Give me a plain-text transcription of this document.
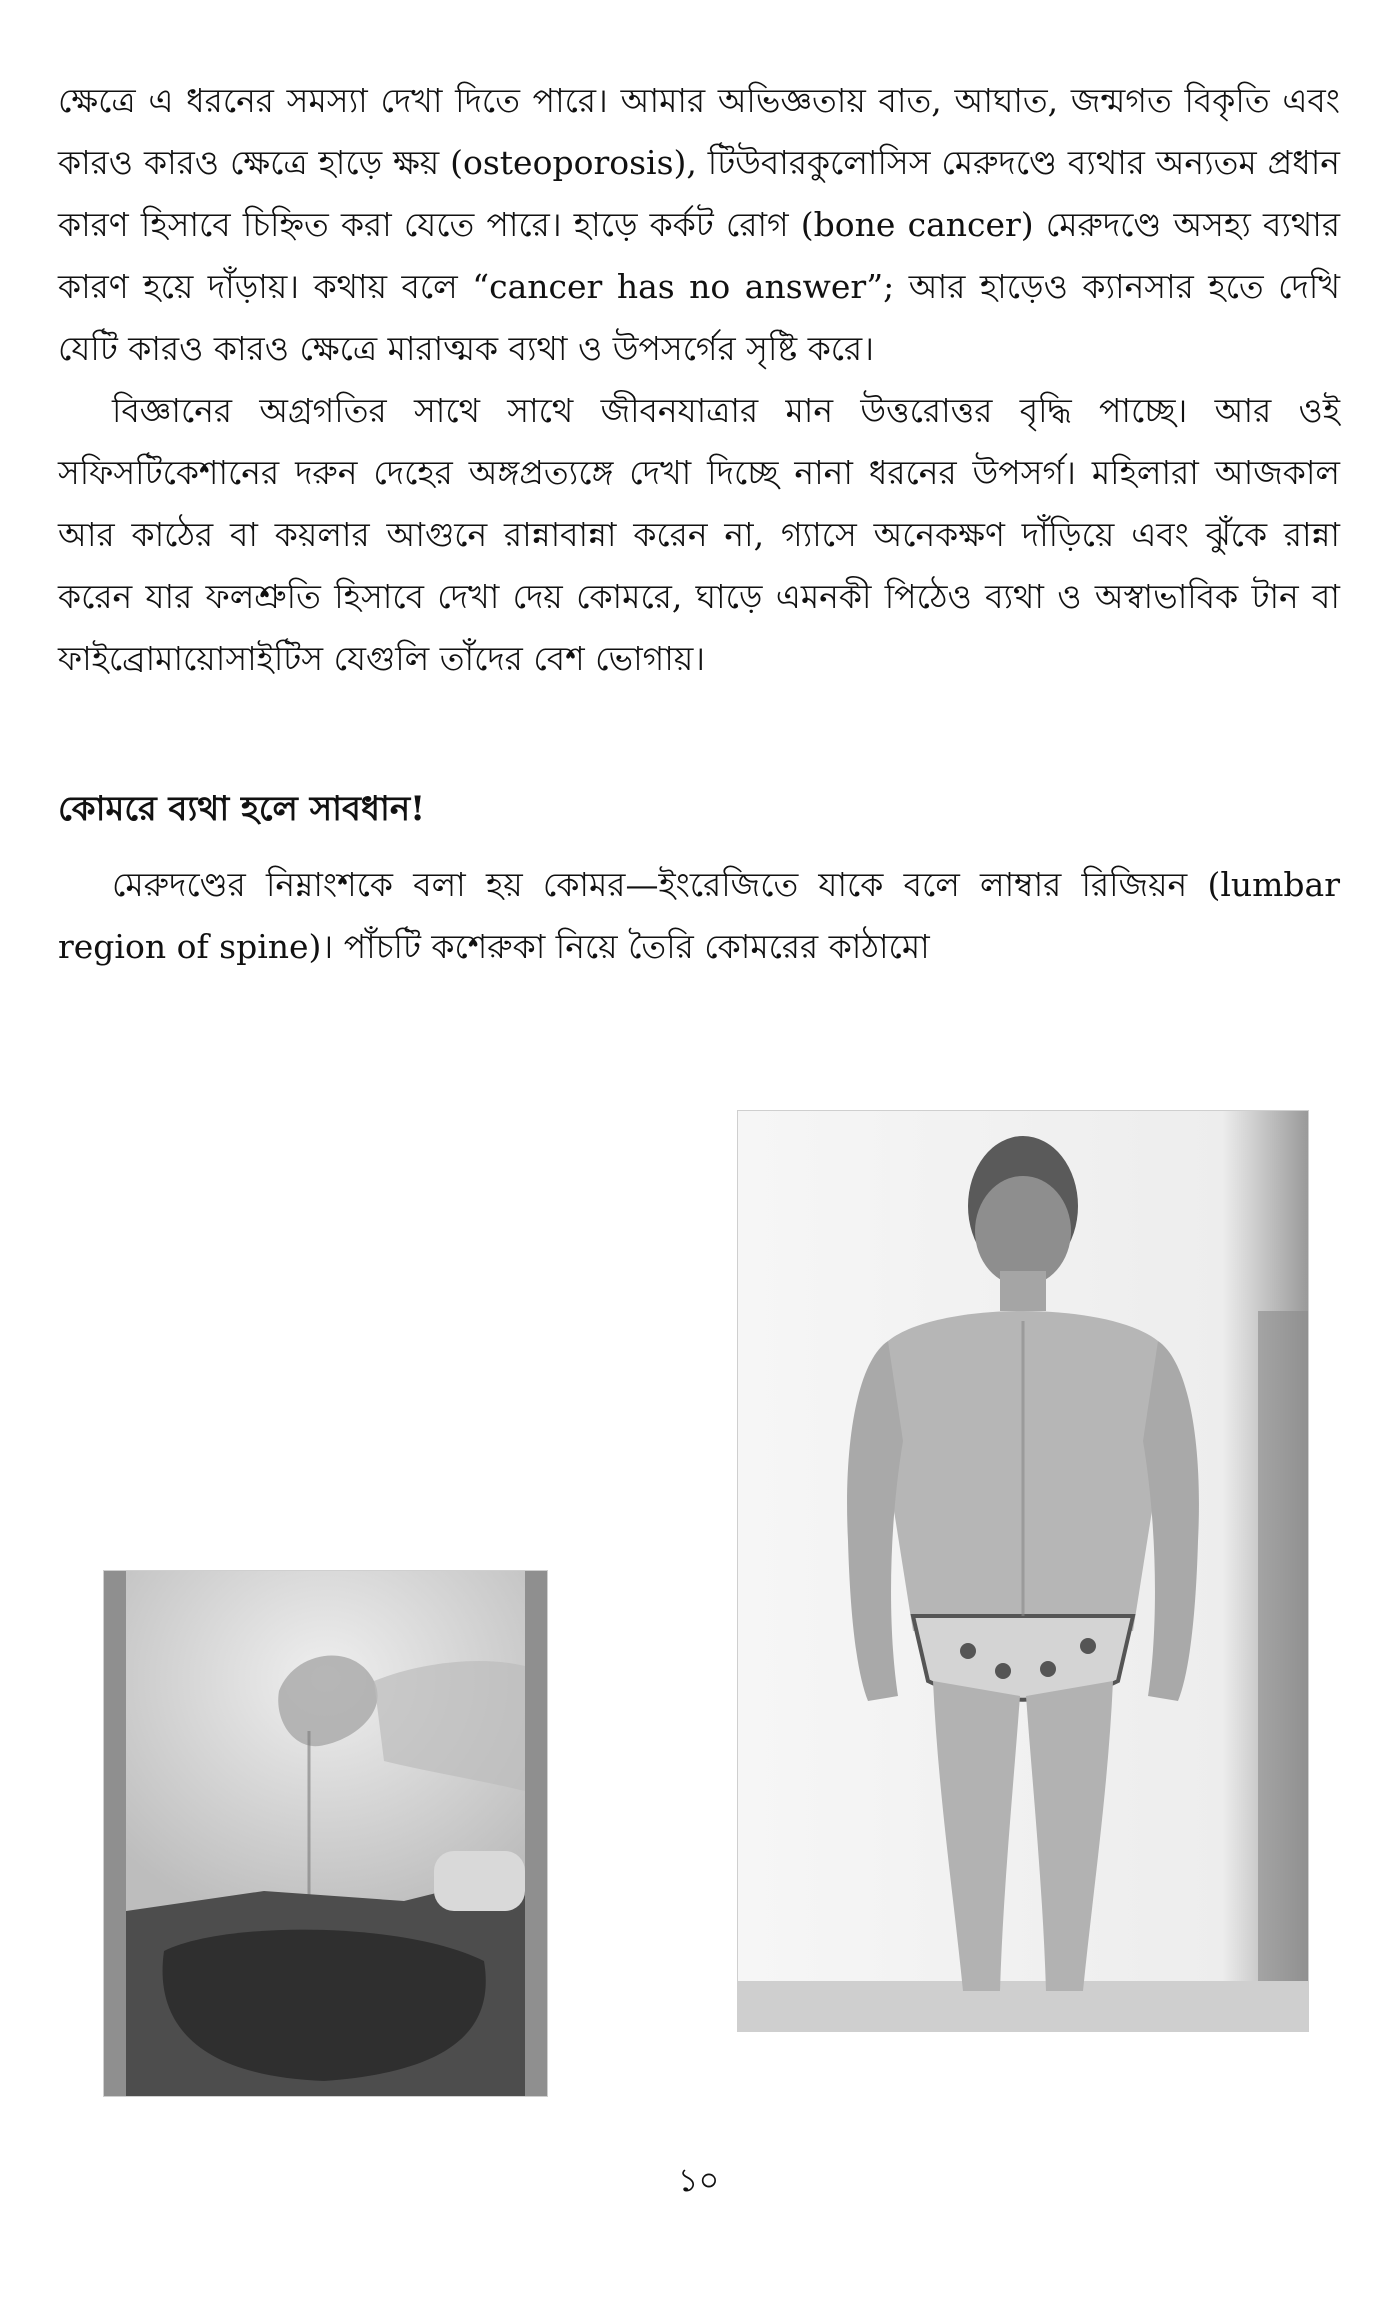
ক্ষেত্রে এ ধরনের সমস্যা দেখা দিতে পারে। আমার অভিজ্ঞতায় বাত, আঘাত, জন্মগত বিকৃতি এবং কারও কারও ক্ষেত্রে হাড়ে ক্ষয় (osteoporosis), টিউবারকুলোসিস মেরুদণ্ডে ব্যথার অন্যতম প্রধান কারণ হিসাবে চিহ্নিত করা যেতে পারে। হাড়ে কর্কট রোগ (bone cancer) মেরুদণ্ডে অসহ্য ব্যথার কারণ হয়ে দাঁড়ায়। কথায় বলে “cancer has no answer”; আর হাড়েও ক্যানসার হতে দেখি যেটি কারও কারও ক্ষেত্রে মারাত্মক ব্যথা ও উপসর্গের সৃষ্টি করে।

বিজ্ঞানের অগ্রগতির সাথে সাথে জীবনযাত্রার মান উত্তরোত্তর বৃদ্ধি পাচ্ছে। আর ওই সফিসটিকেশানের দরুন দেহের অঙ্গপ্রত্যঙ্গে দেখা দিচ্ছে নানা ধরনের উপসর্গ। মহিলারা আজকাল আর কাঠের বা কয়লার আগুনে রান্নাবান্না করেন না, গ্যাসে অনেকক্ষণ দাঁড়িয়ে এবং ঝুঁকে রান্না করেন যার ফলশ্রুতি হিসাবে দেখা দেয় কোমরে, ঘাড়ে এমনকী পিঠেও ব্যথা ও অস্বাভাবিক টান বা ফাইব্রোমায়োসাইটিস যেগুলি তাঁদের বেশ ভোগায়।

কোমরে ব্যথা হলে সাবধান!

মেরুদণ্ডের নিম্নাংশকে বলা হয় কোমর—ইংরেজিতে যাকে বলে লাম্বার রিজিয়ন (lumbar region of spine)। পাঁচটি কশেরুকা নিয়ে তৈরি কোমরের কাঠামো

১০
